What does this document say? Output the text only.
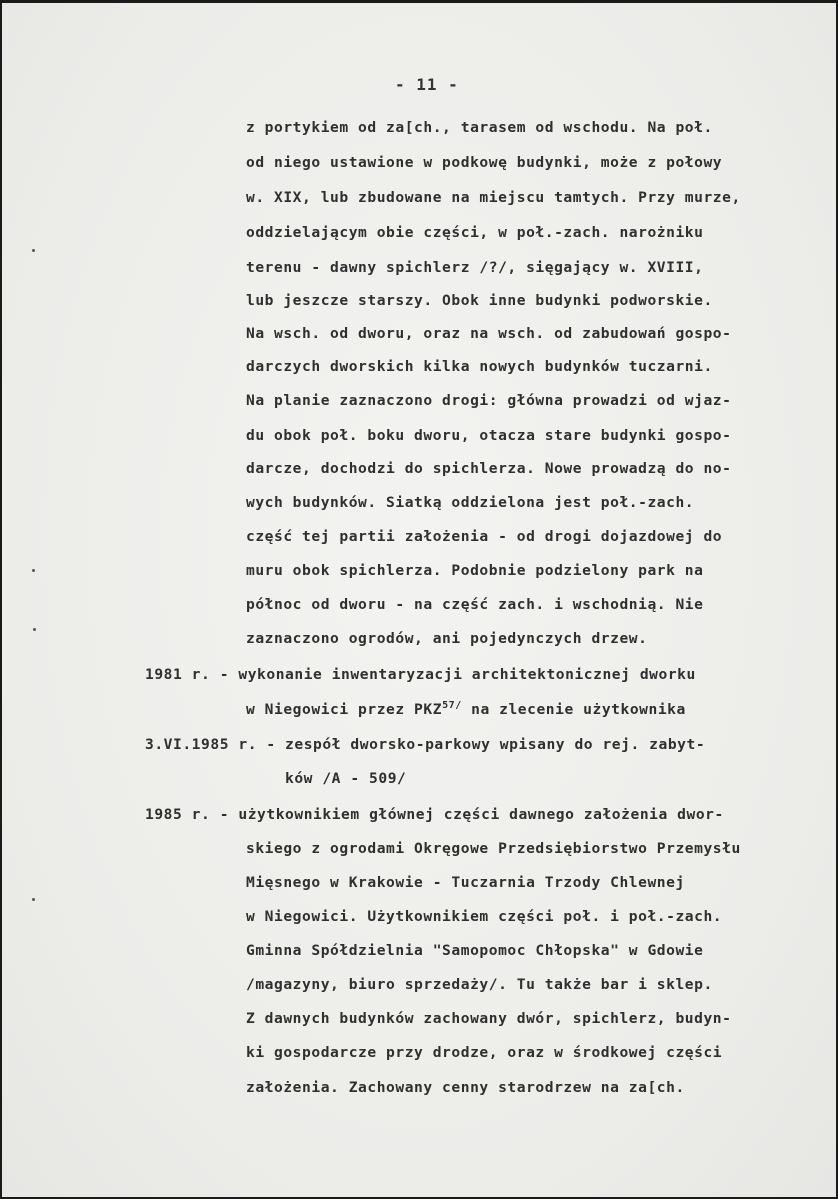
- 11 -
z portykiem od za[ch., tarasem od wschodu. Na poł.
od niego ustawione w podkowę budynki, może z połowy
w. XIX, lub zbudowane na miejscu tamtych. Przy murze,
oddzielającym obie części, w poł.-zach. narożniku
terenu - dawny spichlerz /?/, sięgający w. XVIII,
lub jeszcze starszy. Obok inne budynki podworskie.
Na wsch. od dworu, oraz na wsch. od zabudowań gospo-
darczych dworskich kilka nowych budynków tuczarni.
Na planie zaznaczono drogi: główna prowadzi od wjaz-
du obok poł. boku dworu, otacza stare budynki gospo-
darcze, dochodzi do spichlerza. Nowe prowadzą do no-
wych budynków. Siatką oddzielona jest poł.-zach.
część tej partii założenia - od drogi dojazdowej do
muru obok spichlerza. Podobnie podzielony park na
północ od dworu - na część zach. i wschodnią. Nie
zaznaczono ogrodów, ani pojedynczych drzew.
1981 r. - wykonanie inwentaryzacji architektonicznej dworku
w Niegowici przez $PKZ^{57/}$ na zlecenie użytkownika
3.VI.1985 r. - zespół dworsko-parkowy wpisany do rej. zabyt-
ków /A - 509/
1985 r. - użytkownikiem głównej części dawnego założenia dwor-
skiego z ogrodami Okręgowe Przedsiębiorstwo Przemysłu
Mięsnego w Krakowie - Tuczarnia Trzody Chlewnej
w Niegowici. Użytkownikiem części poł. i poł.-zach.
Gminna Spółdzielnia "Samopomoc Chłopska" w Gdowie
/magazyny, biuro sprzedaży/. Tu także bar i sklep.
Z dawnych budynków zachowany dwór, spichlerz, budyn-
ki gospodarcze przy drodze, oraz w środkowej części
założenia. Zachowany cenny starodrzew na za[ch.
